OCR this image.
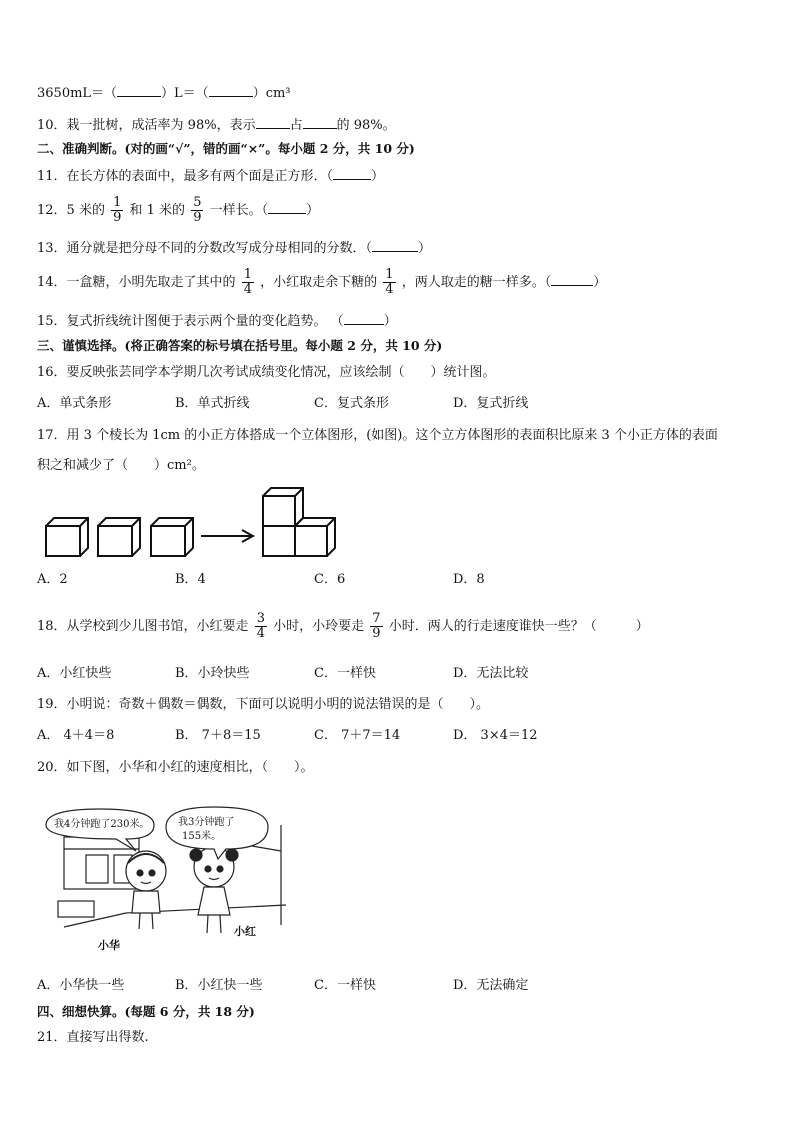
3650mL＝（	）L＝（	）cm³
10．栽一批树，成活率为 98%，表示	占	的 98%。
二、准确判断。(对的画“√”，错的画“×”。每小题 2 分，共 10 分)
11．在长方体的表面中，最多有两个面是正方形．（	）
12．5 米的 $\frac{1}{9}$ 和 1 米的 $\frac{5}{9}$ 一样长。（	）
13．通分就是把分母不同的分数改写成分母相同的分数．（	）
14．一盒糖，小明先取走了其中的 $\frac{1}{4}$ ，小红取走余下糖的 $\frac{1}{4}$ ，两人取走的糖一样多。（	）
15．复式折线统计图便于表示两个量的变化趋势。 （	）
三、谨慎选择。(将正确答案的标号填在括号里。每小题 2 分，共 10 分)
16．要反映张芸同学本学期几次考试成绩变化情况，应该绘制（　　）统计图。
A．单式条形	B．单式折线	C．复式条形	D．复式折线
17．用 3 个棱长为 1cm 的小正方体搭成一个立体图形，(如图)。这个立方体图形的表面积比原来 3 个小正方体的表面
积之和减少了（　　）cm²。
A．2	B．4	C．6	D．8
18．从学校到少儿图书馆，小红要走 $\frac{3}{4}$ 小时，小玲要走 $\frac{7}{9}$ 小时．两人的行走速度谁快一些？（　　　）
A．小红快些	B．小玲快些	C．一样快	D．无法比较
19．小明说：奇数＋偶数＝偶数，下面可以说明小明的说法错误的是（　　）。
A． 4＋4＝8	B． 7＋8＝15	C． 7＋7＝14	D． 3×4＝12
20．如下图，小华和小红的速度相比，（　　）。
我4分钟跑了230米。	我3分钟跑了
155米。
小华
小红
A．小华快一些	B．小红快一些	C．一样快	D．无法确定
四、细想快算。(每题 6 分，共 18 分)
21．直接写出得数.
